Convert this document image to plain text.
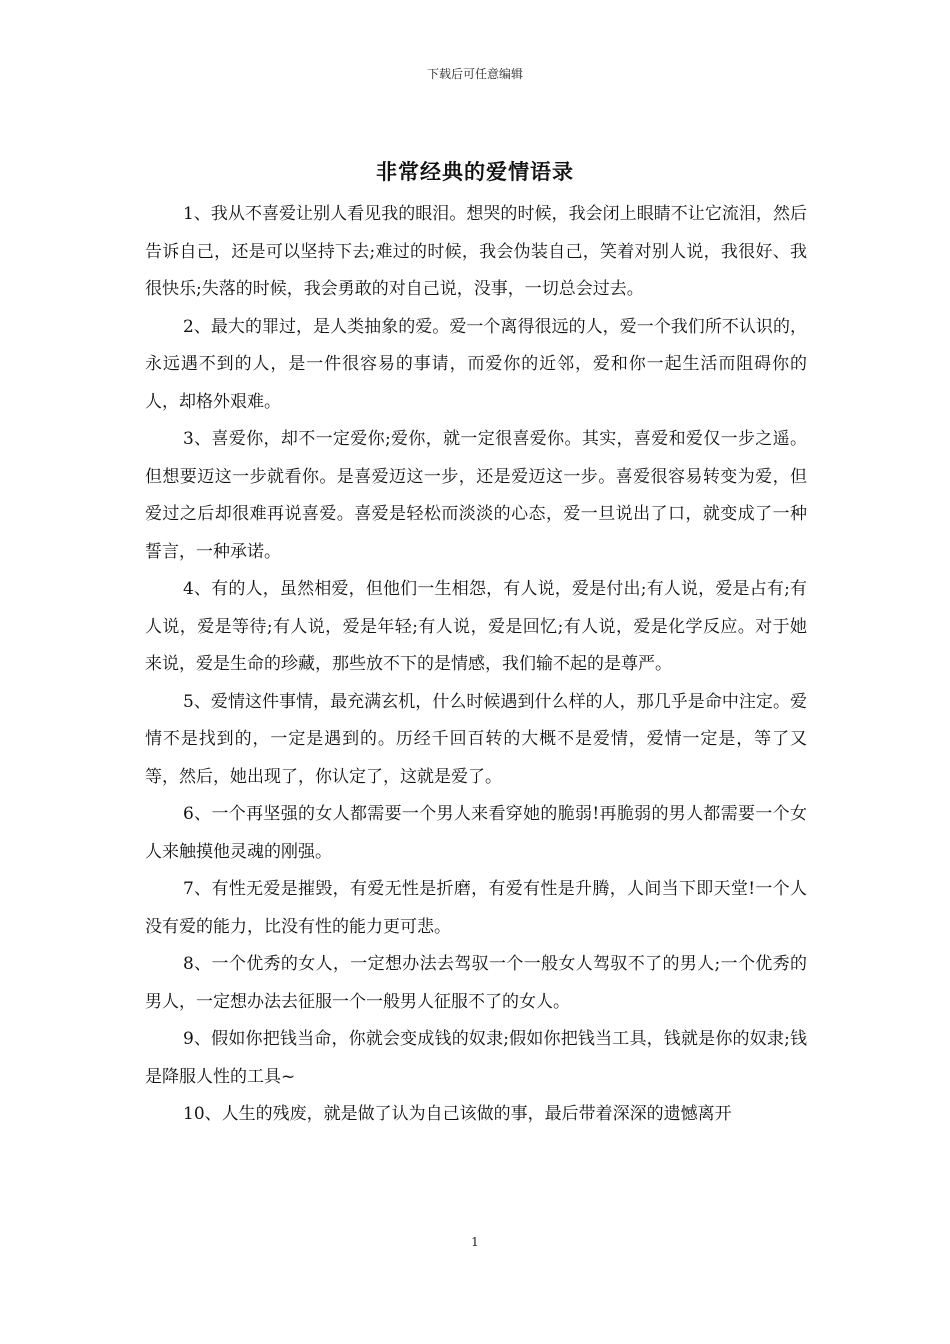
下载后可任意编辑
非常经典的爱情语录

1、我从不喜爱让别人看见我的眼泪。想哭的时候，我会闭上眼睛不让它流泪，然后告诉自己，还是可以坚持下去;难过的时候，我会伪装自己，笑着对别人说，我很好、我很快乐;失落的时候，我会勇敢的对自己说，没事，一切总会过去。

2、最大的罪过，是人类抽象的爱。爱一个离得很远的人，爱一个我们所不认识的，永远遇不到的人，是一件很容易的事请，而爱你的近邻，爱和你一起生活而阻碍你的人，却格外艰难。

3、喜爱你，却不一定爱你;爱你，就一定很喜爱你。其实，喜爱和爱仅一步之遥。但想要迈这一步就看你。是喜爱迈这一步，还是爱迈这一步。喜爱很容易转变为爱，但爱过之后却很难再说喜爱。喜爱是轻松而淡淡的心态，爱一旦说出了口，就变成了一种誓言，一种承诺。

4、有的人，虽然相爱，但他们一生相怨，有人说，爱是付出;有人说，爱是占有;有人说，爱是等待;有人说，爱是年轻;有人说，爱是回忆;有人说，爱是化学反应。对于她来说，爱是生命的珍藏，那些放不下的是情感，我们输不起的是尊严。

5、爱情这件事情，最充满玄机，什么时候遇到什么样的人，那几乎是命中注定。爱情不是找到的，一定是遇到的。历经千回百转的大概不是爱情，爱情一定是，等了又等，然后，她出现了，你认定了，这就是爱了。

6、一个再坚强的女人都需要一个男人来看穿她的脆弱!再脆弱的男人都需要一个女人来触摸他灵魂的刚强。

7、有性无爱是摧毁，有爱无性是折磨，有爱有性是升腾，人间当下即天堂!一个人没有爱的能力，比没有性的能力更可悲。

8、一个优秀的女人，一定想办法去驾驭一个一般女人驾驭不了的男人;一个优秀的男人，一定想办法去征服一个一般男人征服不了的女人。

9、假如你把钱当命，你就会变成钱的奴隶;假如你把钱当工具，钱就是你的奴隶;钱是降服人性的工具~

10、人生的残废，就是做了认为自己该做的事，最后带着深深的遗憾离开

1
